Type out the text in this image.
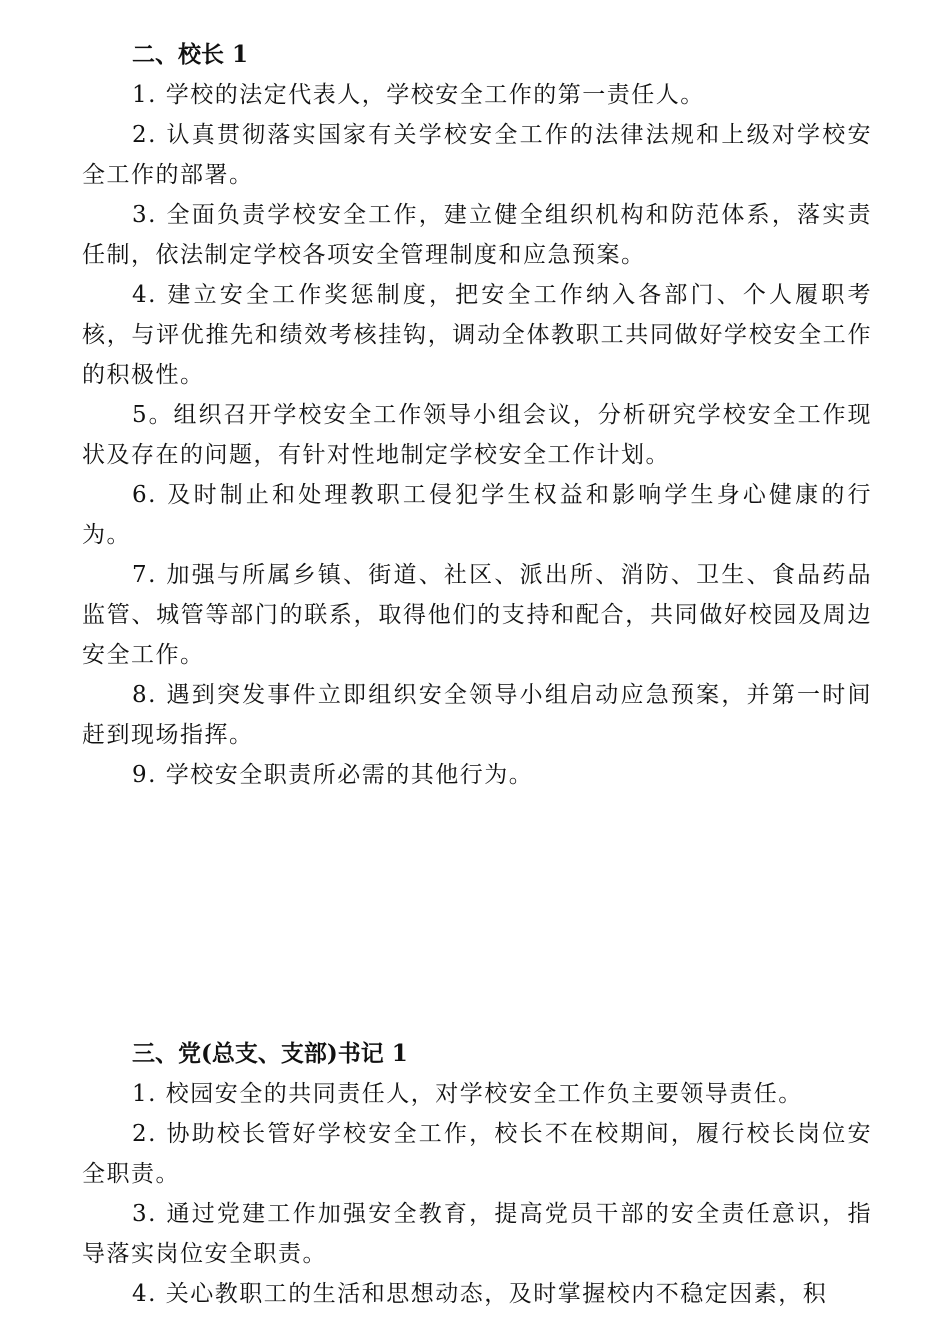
二、校长 1

1. 学校的法定代表人，学校安全工作的第一责任人。

2. 认真贯彻落实国家有关学校安全工作的法律法规和上级对学校安全工作的部署。

3. 全面负责学校安全工作，建立健全组织机构和防范体系，落实责任制，依法制定学校各项安全管理制度和应急预案。

4. 建立安全工作奖惩制度，把安全工作纳入各部门、个人履职考核，与评优推先和绩效考核挂钩，调动全体教职工共同做好学校安全工作的积极性。

5。组织召开学校安全工作领导小组会议，分析研究学校安全工作现状及存在的问题，有针对性地制定学校安全工作计划。

6. 及时制止和处理教职工侵犯学生权益和影响学生身心健康的行为。

7. 加强与所属乡镇、街道、社区、派出所、消防、卫生、食品药品监管、城管等部门的联系，取得他们的支持和配合，共同做好校园及周边安全工作。

8. 遇到突发事件立即组织安全领导小组启动应急预案，并第一时间赶到现场指挥。

9. 学校安全职责所必需的其他行为。

三、党(总支、支部)书记 1

1. 校园安全的共同责任人，对学校安全工作负主要领导责任。

2. 协助校长管好学校安全工作，校长不在校期间，履行校长岗位安全职责。

3. 通过党建工作加强安全教育，提高党员干部的安全责任意识，指导落实岗位安全职责。

4. 关心教职工的生活和思想动态，及时掌握校内不稳定因素，积
